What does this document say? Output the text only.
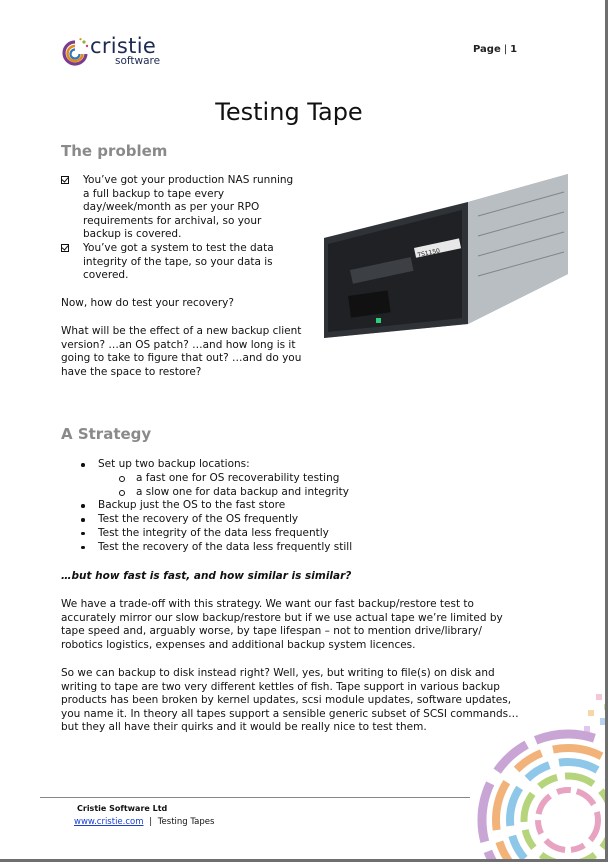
cristie
software
Page | 1
Testing Tape
The problem
You’ve got your production NAS running a full backup to tape every day/week/month as per your RPO requirements for archival, so your backup is covered.
You’ve got a system to test the data integrity of the tape, so your data is covered.

Now, how do test your recovery?

What will be the effect of a new backup client version? …an OS patch? …and how long is it going to take to figure that out? …and do you have the space to restore?

TS1150
A Strategy
Set up two backup locations:
a fast one for OS recoverability testing
a slow one for data backup and integrity
Backup just the OS to the fast store
Test the recovery of the OS frequently
Test the integrity of the data less frequently
Test the recovery of the data less frequently still

…but how fast is fast, and how similar is similar?

We have a trade-off with this strategy. We want our fast backup/restore test to accurately mirror our slow backup/restore but if we use actual tape we’re limited by tape speed and, arguably worse, by tape lifespan – not to mention drive/library/ robotics logistics, expenses and additional backup system licences.

So we can backup to disk instead right? Well, yes, but writing to file(s) on disk and writing to tape are two very different kettles of fish. Tape support in various backup products has been broken by kernel updates, scsi module updates, software updates, you name it. In theory all tapes support a sensible generic subset of SCSI commands… but they all have their quirks and it would be really nice to test them.

Cristie Software Ltd
www.cristie.com | Testing Tapes
